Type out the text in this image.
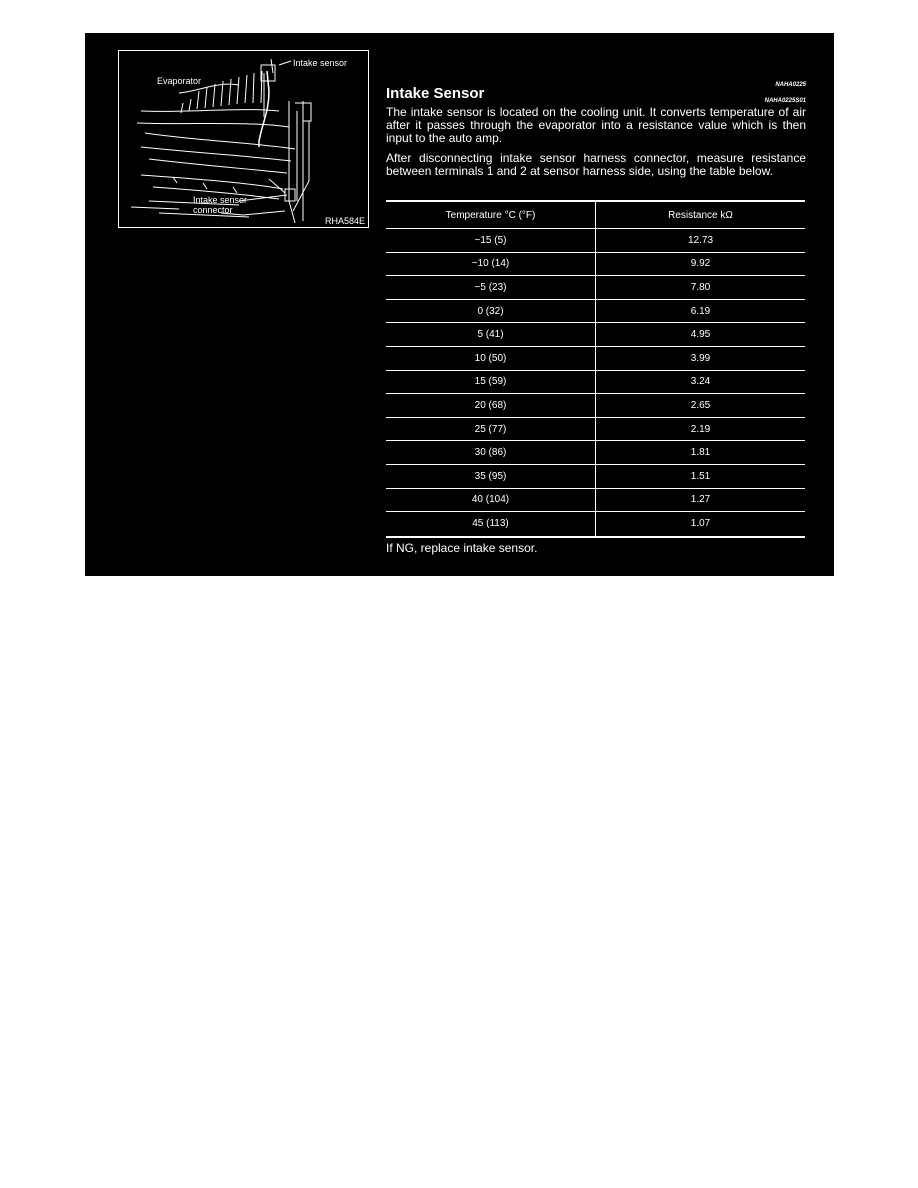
Intake sensor
Evaporator
Intake sensor
connector
RHA584E
NAHA0225
Intake Sensor	NAHA0225S01

The intake sensor is located on the cooling unit. It converts temperature of air after it passes through the evaporator into a resistance value which is then input to the auto amp.

After disconnecting intake sensor harness connector, measure resistance between terminals 1 and 2 at sensor harness side, using the table below.

Temperature °C (°F)	Resistance kΩ
−15 (5)	12.73
−10 (14)	9.92
−5 (23)	7.80
0 (32)	6.19
5 (41)	4.95
10 (50)	3.99
15 (59)	3.24
20 (68)	2.65
25 (77)	2.19
30 (86)	1.81
35 (95)	1.51
40 (104)	1.27
45 (113)	1.07

If NG, replace intake sensor.
